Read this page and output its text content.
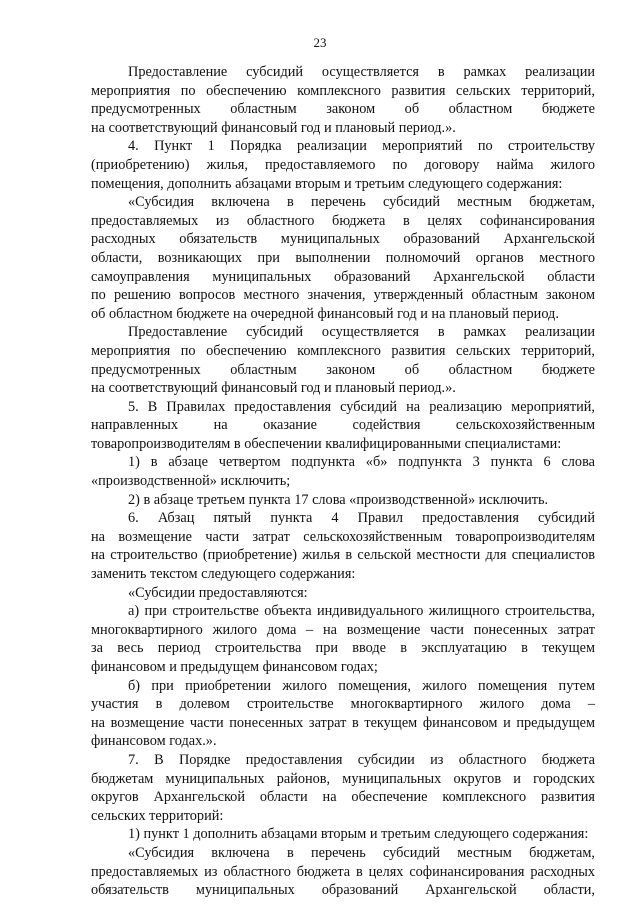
23
Предоставление субсидий осуществляется в рамках реализации
мероприятия по обеспечению комплексного развития сельских территорий,
предусмотренных областным законом об областном бюджете
на соответствующий финансовый год и плановый период.».
4. Пункт 1 Порядка реализации мероприятий по строительству
(приобретению) жилья, предоставляемого по договору найма жилого
помещения, дополнить абзацами вторым и третьим следующего содержания:
«Субсидия включена в перечень субсидий местным бюджетам,
предоставляемых из областного бюджета в целях софинансирования
расходных обязательств муниципальных образований Архангельской
области, возникающих при выполнении полномочий органов местного
самоуправления муниципальных образований Архангельской области
по решению вопросов местного значения, утвержденный областным законом
об областном бюджете на очередной финансовый год и на плановый период.
Предоставление субсидий осуществляется в рамках реализации
мероприятия по обеспечению комплексного развития сельских территорий,
предусмотренных областным законом об областном бюджете
на соответствующий финансовый год и плановый период.».
5. В Правилах предоставления субсидий на реализацию мероприятий,
направленных на оказание содействия сельскохозяйственным
товаропроизводителям в обеспечении квалифицированными специалистами:
1) в абзаце четвертом подпункта «б» подпункта 3 пункта 6 слова
«производственной» исключить;
2) в абзаце третьем пункта 17 слова «производственной» исключить.
6. Абзац пятый пункта 4 Правил предоставления субсидий
на возмещение части затрат сельскохозяйственным товаропроизводителям
на строительство (приобретение) жилья в сельской местности для специалистов
заменить текстом следующего содержания:
«Субсидии предоставляются:
а) при строительстве объекта индивидуального жилищного строительства,
многоквартирного жилого дома – на возмещение части понесенных затрат
за весь период строительства при вводе в эксплуатацию в текущем
финансовом и предыдущем финансовом годах;
б) при приобретении жилого помещения, жилого помещения путем
участия в долевом строительстве многоквартирного жилого дома –
на возмещение части понесенных затрат в текущем финансовом и предыдущем
финансовом годах.».
7. В Порядке предоставления субсидии из областного бюджета
бюджетам муниципальных районов, муниципальных округов и городских
округов Архангельской области на обеспечение комплексного развития
сельских территорий:
1) пункт 1 дополнить абзацами вторым и третьим следующего содержания:
«Субсидия включена в перечень субсидий местным бюджетам,
предоставляемых из областного бюджета в целях софинансирования расходных
обязательств муниципальных образований Архангельской области,
